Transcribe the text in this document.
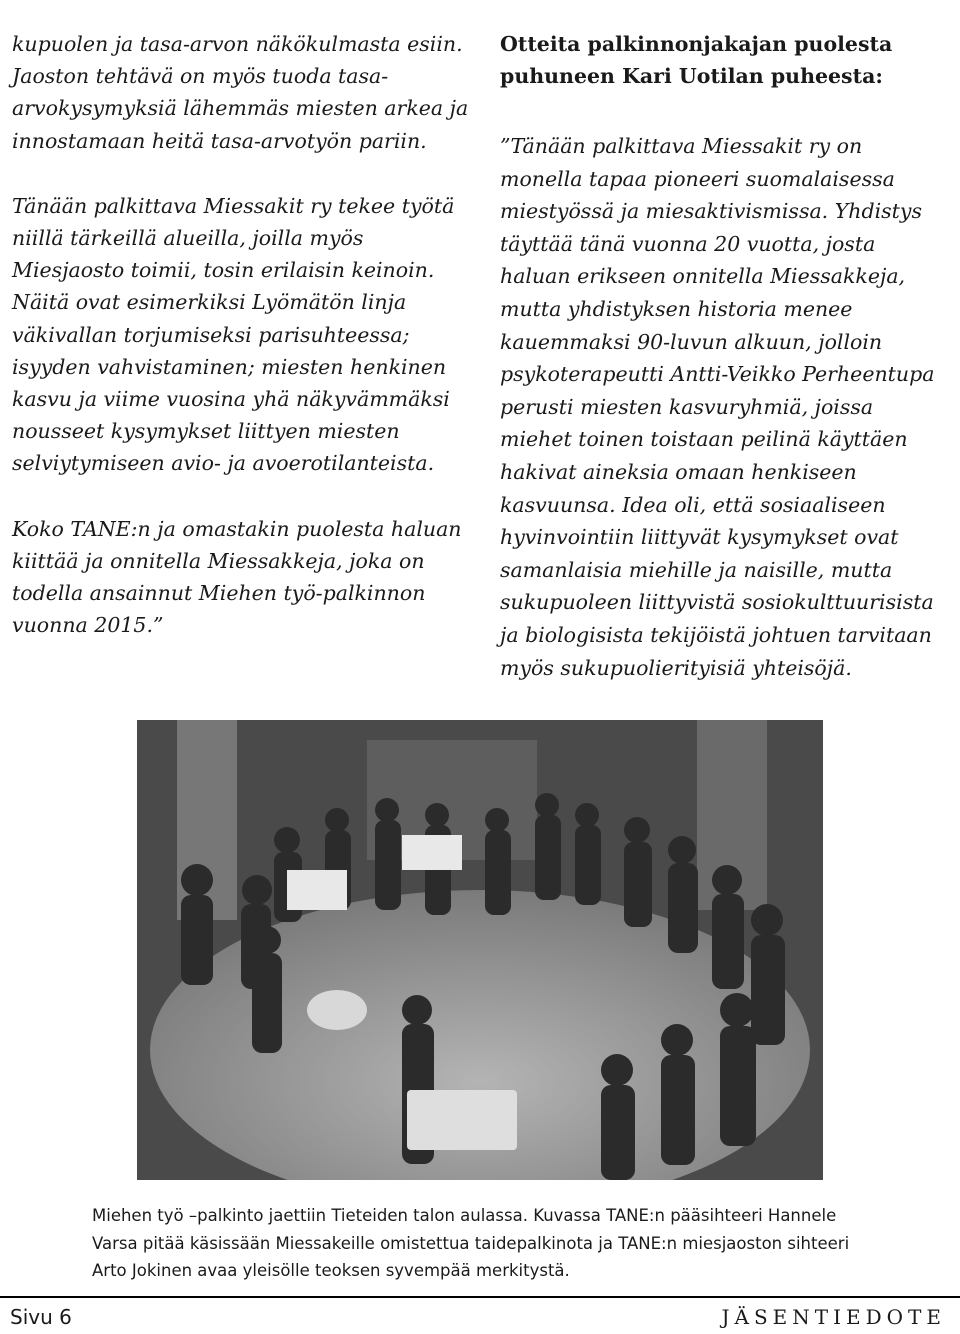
kupuolen ja tasa-arvon näkökulmasta esiin. Jaoston tehtävä on myös tuoda tasa-arvokysymyksiä lähemmäs miesten arkea ja innostamaan heitä tasa-arvotyön pariin.

Tänään palkittava Miessakit ry tekee työtä niillä tärkeillä alueilla, joilla myös Miesjaosto toimii, tosin erilaisin keinoin. Näitä ovat esimerkiksi Lyömätön linja väkivallan torjumiseksi parisuhteessa; isyyden vahvistaminen; miesten henkinen kasvu ja viime vuosina yhä näkyvämmäksi nousseet kysymykset liittyen miesten selviytymiseen avio- ja avoerotilanteista.

Koko TANE:n ja omastakin puolesta haluan kiittää ja onnitella Miessakkeja, joka on todella ansainnut Miehen työ-palkinnon vuonna 2015.”

Otteita palkinnonjakajan puolesta puhuneen Kari Uotilan puheesta:

”Tänään palkittava Miessakit ry on monella tapaa pioneeri suomalaisessa miestyössä ja miesaktivismissa. Yhdistys täyttää tänä vuonna 20 vuotta, josta haluan erikseen onnitella Miessakkeja, mutta yhdistyksen historia menee kauemmaksi 90-luvun alkuun, jolloin psykoterapeutti Antti-Veikko Perheentupa perusti miesten kasvuryhmiä, joissa miehet toinen toistaan peilinä käyttäen hakivat aineksia omaan henkiseen kasvuunsa. Idea oli, että sosiaaliseen hyvinvointiin liittyvät kysymykset ovat samanlaisia miehille ja naisille, mutta sukupuoleen liittyvistä sosiokulttuurisista ja biologisista tekijöistä johtuen tarvitaan myös sukupuolierityisiä yhteisöjä.

Miehen työ –palkinto jaettiin Tieteiden talon aulassa. Kuvassa TANE:n pääsihteeri Hannele Varsa pitää käsissään Miessakeille omistettua taidepalkinota ja TANE:n miesjaoston sihteeri Arto Jokinen avaa yleisölle teoksen syvempää merkitystä.

Sivu 6	JÄSENTIEDOTE
